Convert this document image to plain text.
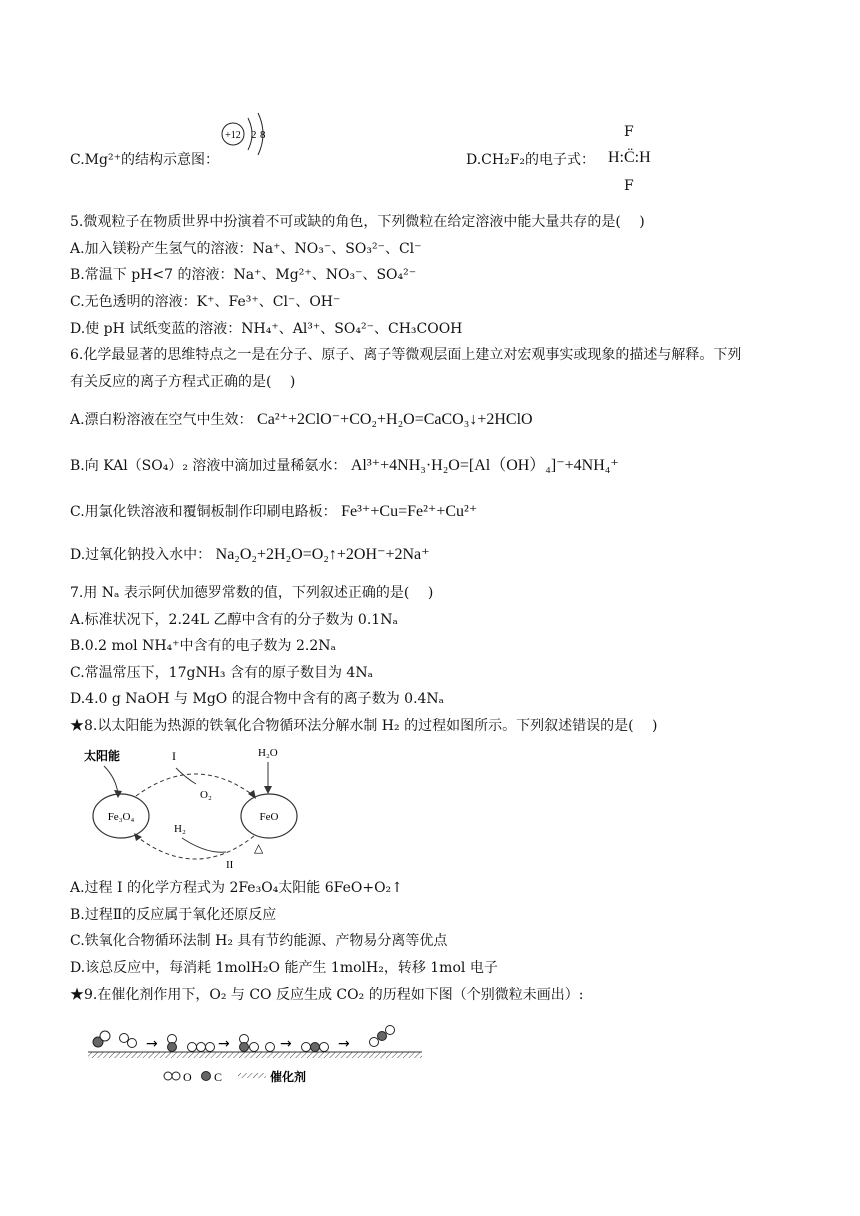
C.Mg²⁺的结构示意图：
+12 2 8
D.CH₂F₂的电子式：
F
H:C̈:H
F
5.微观粒子在物质世界中扮演着不可或缺的角色，下列微粒在给定溶液中能大量共存的是(　 )
A.加入镁粉产生氢气的溶液：Na⁺、NO₃⁻、SO₃²⁻、Cl⁻
B.常温下 pH<7 的溶液：Na⁺、Mg²⁺、NO₃⁻、SO₄²⁻
C.无色透明的溶液：K⁺、Fe³⁺、Cl⁻、OH⁻
D.使 pH 试纸变蓝的溶液：NH₄⁺、Al³⁺、SO₄²⁻、CH₃COOH
6.化学最显著的思维特点之一是在分子、原子、离子等微观层面上建立对宏观事实或现象的描述与解释。下列
有关反应的离子方程式正确的是(　 )
A.漂白粉溶液在空气中生效： Ca²⁺+2ClO⁻+CO₂+H₂O=CaCO₃↓+2HClO
B.向 KAl（SO₄）₂ 溶液中滴加过量稀氨水： Al³⁺+4NH₃·H₂O=[Al（OH）₄]⁻+4NH₄⁺
C.用氯化铁溶液和覆铜板制作印刷电路板： Fe³⁺+Cu=Fe²⁺+Cu²⁺
D.过氧化钠投入水中： Na₂O₂+2H₂O=O₂↑+2OH⁻+2Na⁺
7.用 Nₐ 表示阿伏加德罗常数的值，下列叙述正确的是(　 )
A.标准状况下，2.24L 乙醇中含有的分子数为 0.1Nₐ
B.0.2 mol NH₄⁺中含有的电子数为 2.2Nₐ
C.常温常压下，17gNH₃ 含有的原子数目为 4Nₐ
D.4.0 g NaOH 与 MgO 的混合物中含有的离子数为 0.4Nₐ
★8.以太阳能为热源的铁氧化合物循环法分解水制 H₂ 的过程如图所示。下列叙述错误的是(　 )
太阳能
Fe₃O₄	FeO
I
O₂
H₂O
H₂
II
△
A.过程 I 的化学方程式为 2Fe₃O₄太阳能 6FeO+O₂↑
B.过程Ⅱ的反应属于氧化还原反应
C.铁氧化合物循环法制 H₂ 具有节约能源、产物易分离等优点
D.该总反应中，每消耗 1molH₂O 能产生 1molH₂，转移 1mol 电子
★9.在催化剂作用下，O₂ 与 CO 反应生成 CO₂ 的历程如下图（个别微粒未画出）:
→	→	→	→
O C	催化剂
